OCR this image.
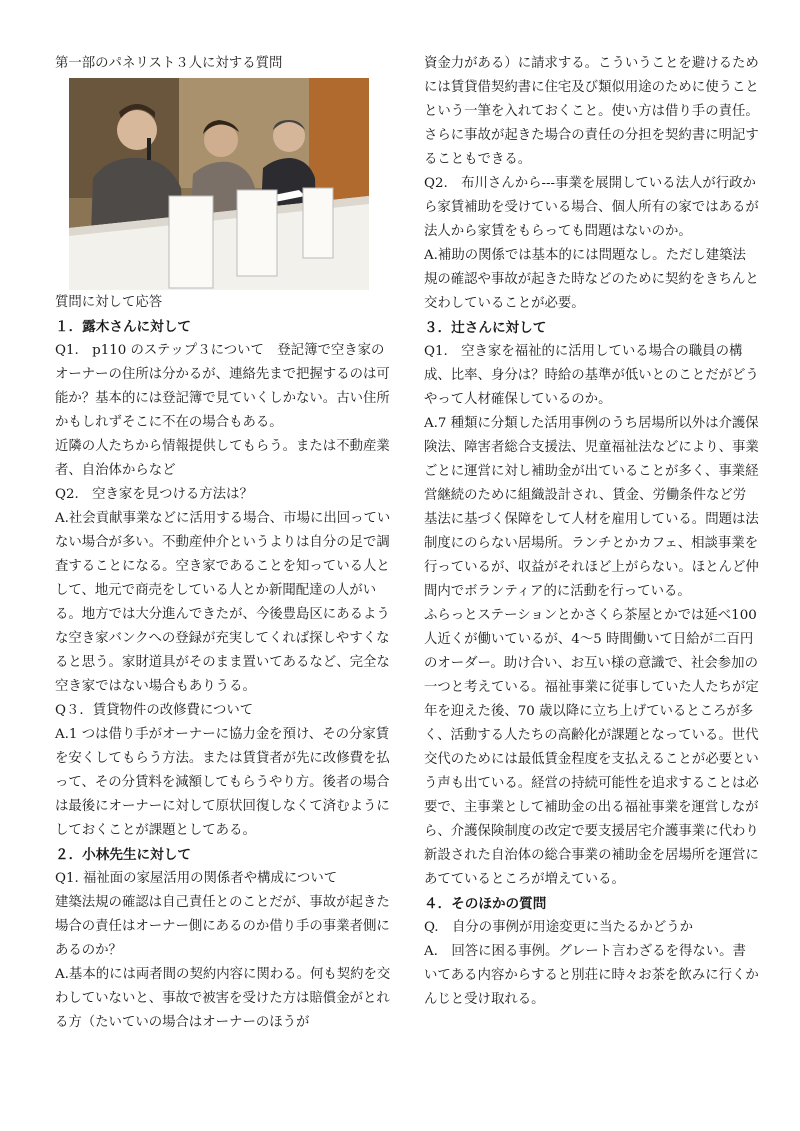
第一部のパネリスト３人に対する質問

質問に対して応答

１．露木さんに対して

Q1.　p110 のステップ３について　登記簿で空き家のオーナーの住所は分かるが、連絡先まで把握するのは可能か？基本的には登記簿で見ていくしかない。古い住所かもしれずそこに不在の場合もある。

近隣の人たちから情報提供してもらう。または不動産業者、自治体からなど

Q2.　空き家を見つける方法は？

A.社会貢献事業などに活用する場合、市場に出回っていない場合が多い。不動産仲介というよりは自分の足で調査することになる。空き家であることを知っている人として、地元で商売をしている人とか新聞配達の人がいる。地方では大分進んできたが、今後豊島区にあるような空き家バンクへの登録が充実してくれば探しやすくなると思う。家財道具がそのまま置いてあるなど、完全な空き家ではない場合もありうる。

Q３．賃貸物件の改修費について

A.1 つは借り手がオーナーに協力金を預け、その分家賃を安くしてもらう方法。または賃貸者が先に改修費を払って、その分賃料を減額してもらうやり方。後者の場合は最後にオーナーに対して原状回復しなくて済むようにしておくことが課題としてある。

２．小林先生に対して

Q1. 福祉面の家屋活用の関係者や構成について

建築法規の確認は自己責任とのことだが、事故が起きた場合の責任はオーナー側にあるのか借り手の事業者側にあるのか？

A.基本的には両者間の契約内容に関わる。何も契約を交わしていないと、事故で被害を受けた方は賠償金がとれる方（たいていの場合はオーナーのほうが

資金力がある）に請求する。こういうことを避けるためには賃貸借契約書に住宅及び類似用途のために使うことという一筆を入れておくこと。使い方は借り手の責任。さらに事故が起きた場合の責任の分担を契約書に明記することもできる。

Q2.　布川さんから---事業を展開している法人が行政から家賃補助を受けている場合、個人所有の家ではあるが法人から家賃をもらっても問題はないのか。

A.補助の関係では基本的には問題なし。ただし建築法規の確認や事故が起きた時などのために契約をきちんと交わしていることが必要。

３．辻さんに対して

Q1.　空き家を福祉的に活用している場合の職員の構成、比率、身分は？時給の基準が低いとのことだがどうやって人材確保しているのか。

A.7 種類に分類した活用事例のうち居場所以外は介護保険法、障害者総合支援法、児童福祉法などにより、事業ごとに運営に対し補助金が出ていることが多く、事業経営継続のために組織設計され、賃金、労働条件など労基法に基づく保障をして人材を雇用している。問題は法制度にのらない居場所。ランチとかカフェ、相談事業を行っているが、収益がそれほど上がらない。ほとんど仲間内でボランティア的に活動を行っている。

ふらっとステーションとかさくら茶屋とかでは延べ100 人近くが働いているが、4～5 時間働いて日給が二百円のオーダー。助け合い、お互い様の意識で、社会参加の一つと考えている。福祉事業に従事していた人たちが定年を迎えた後、70 歳以降に立ち上げているところが多く、活動する人たちの高齢化が課題となっている。世代交代のためには最低賃金程度を支払えることが必要という声も出ている。経営の持続可能性を追求することは必要で、主事業として補助金の出る福祉事業を運営しながら、介護保険制度の改定で要支援居宅介護事業に代わり新設された自治体の総合事業の補助金を居場所を運営にあてているところが増えている。

４．そのほかの質問

Q.　自分の事例が用途変更に当たるかどうか

A.　回答に困る事例。グレート言わざるを得ない。書いてある内容からすると別荘に時々お茶を飲みに行くかんじと受け取れる。
